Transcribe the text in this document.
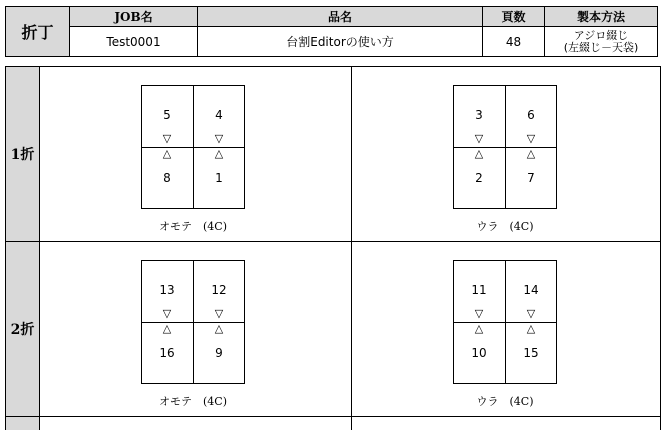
折丁	JOB名	品名	頁数	製本方法
	Test0001	台割Editorの使い方	48	アジロ綴じ
(左綴じ－天袋)
1折
5	4
▽	▽
△	△
8	1
オモテ　(4C)
3	6
▽	▽
△	△
2	7
ウラ　(4C)
2折
13	12
▽	▽
△	△
16	9
オモテ　(4C)
11	14
▽	▽
△	△
10	15
ウラ　(4C)
